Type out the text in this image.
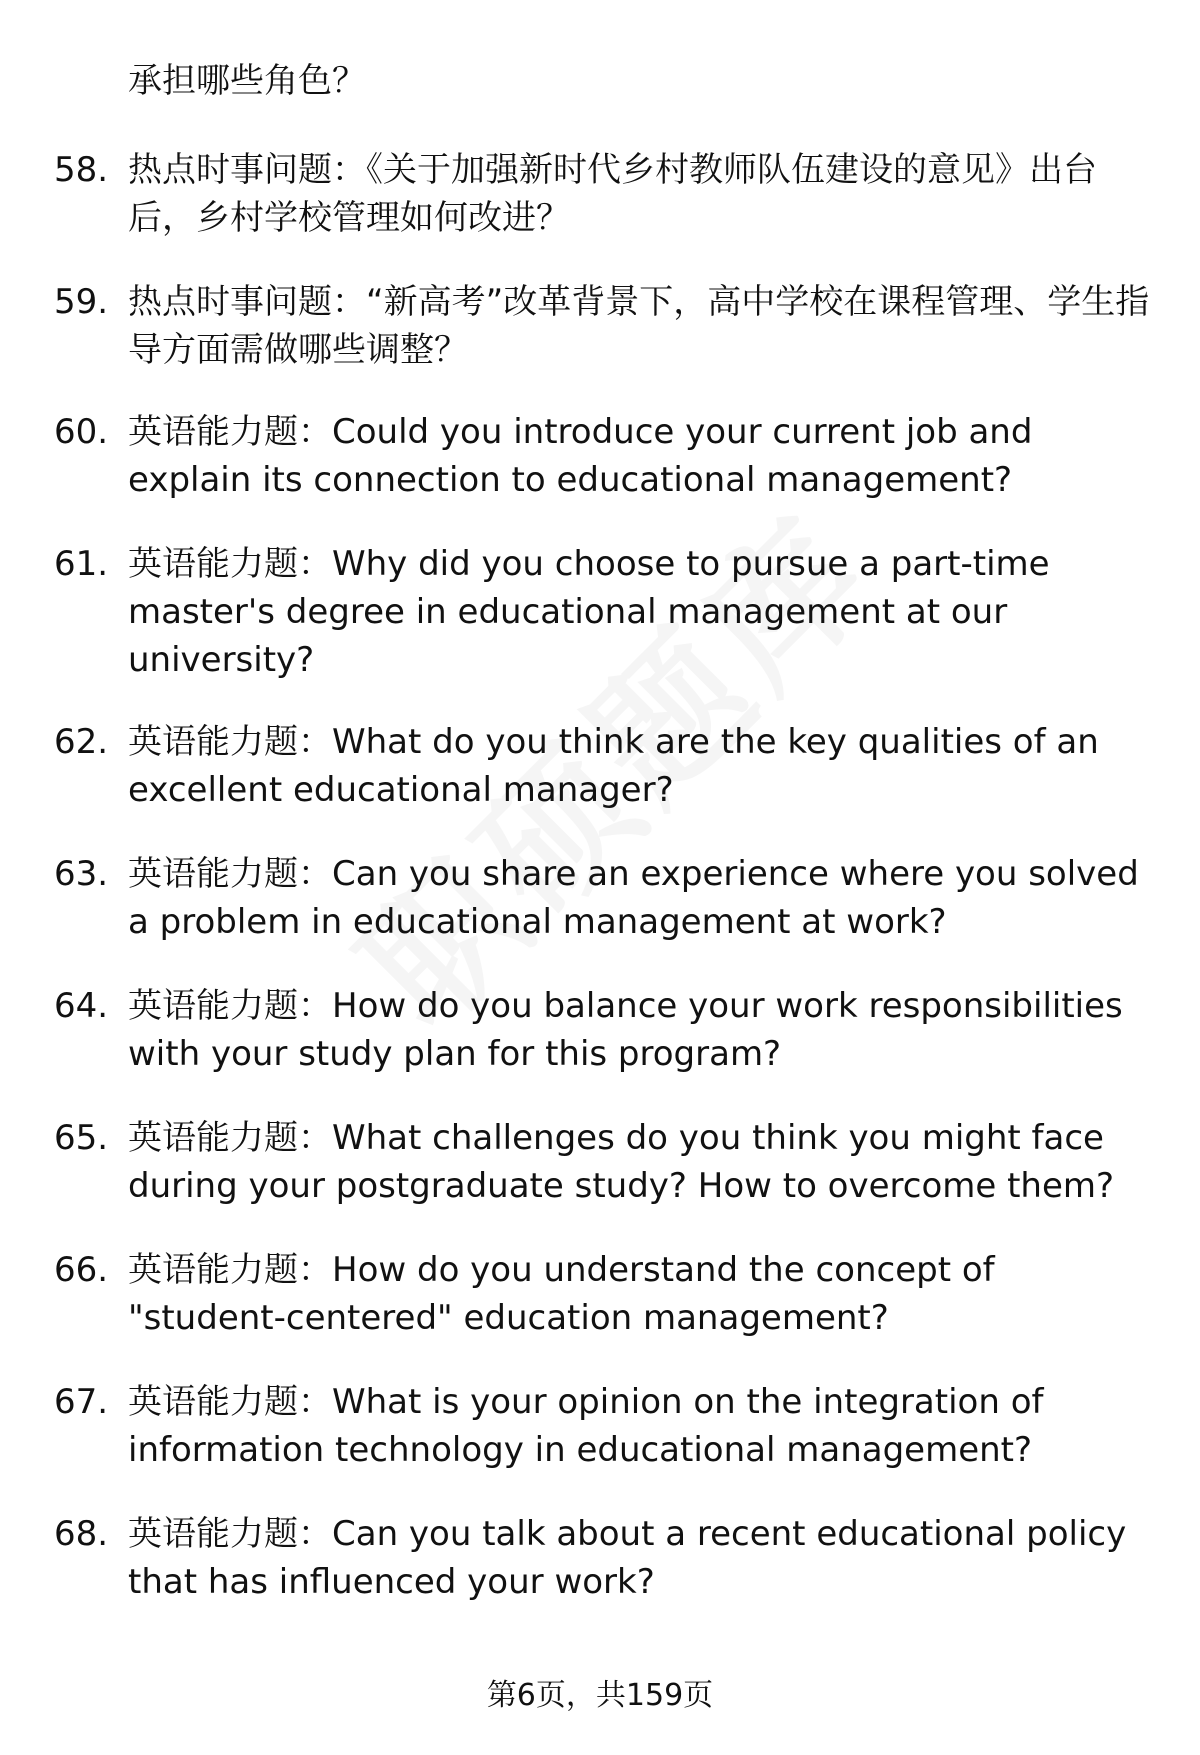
承担哪些角色？

58. 热点时事问题：《关于加强新时代乡村教师队伍建设的意见》出台后，乡村学校管理如何改进？
59. 热点时事问题：“新高考”改革背景下，高中学校在课程管理、学生指导方面需做哪些调整？
60. 英语能力题：Could you introduce your current job and explain its connection to educational management?
61. 英语能力题：Why did you choose to pursue a part-time master's degree in educational management at our university?
62. 英语能力题：What do you think are the key qualities of an excellent educational manager?
63. 英语能力题：Can you share an experience where you solved a problem in educational management at work?
64. 英语能力题：How do you balance your work responsibilities with your study plan for this program?
65. 英语能力题：What challenges do you think you might face during your postgraduate study? How to overcome them?
66. 英语能力题：How do you understand the concept of "student-centered" education management?
67. 英语能力题：What is your opinion on the integration of information technology in educational management?
68. 英语能力题：Can you talk about a recent educational policy that has influenced your work?
第6页，共159页
